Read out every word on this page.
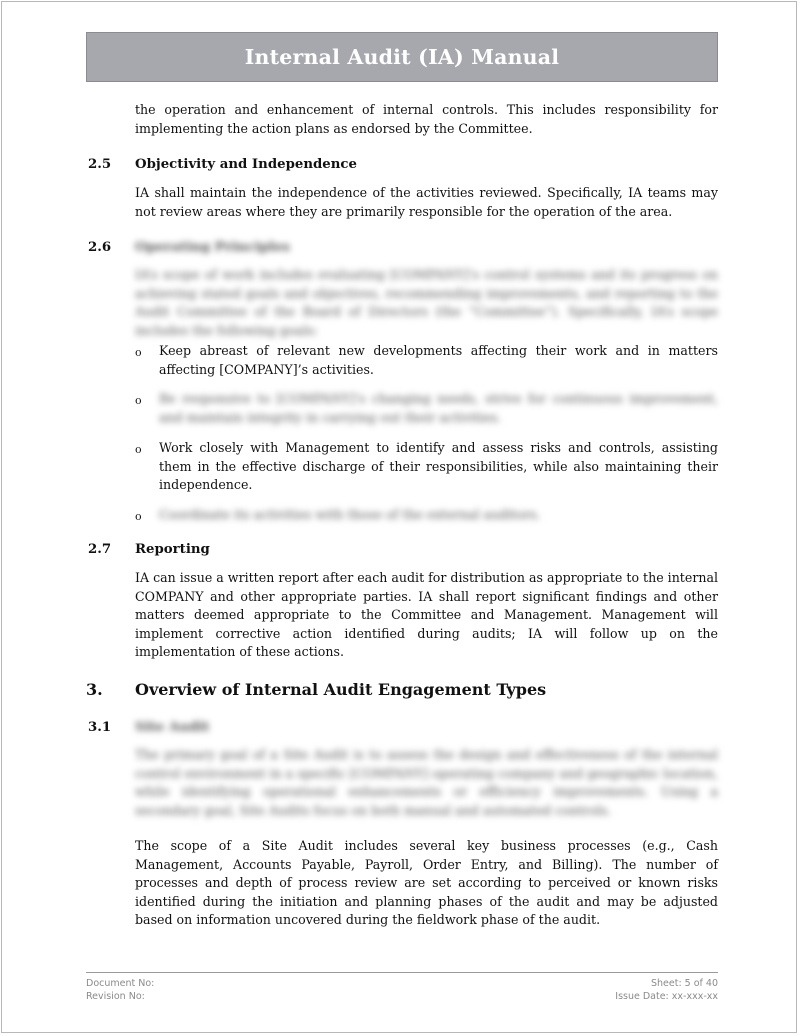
Internal Audit (IA) Manual

the operation and enhancement of internal controls. This includes responsibility for implementing the action plans as endorsed by the Committee.

2.5 Objectivity and Independence

IA shall maintain the independence of the activities reviewed. Specifically, IA teams may not review areas where they are primarily responsible for the operation of the area.

2.6 Operating Principles

IA’s scope of work includes evaluating [COMPANY]’s control systems and its progress on achieving stated goals and objectives, recommending improvements, and reporting to the Audit Committee of the Board of Directors (the “Committee”). Specifically, IA’s scope includes the following goals:

o Keep abreast of relevant new developments affecting their work and in matters affecting [COMPANY]’s activities.

o Be responsive to [COMPANY]’s changing needs, strive for continuous improvement, and maintain integrity in carrying out their activities.

o Work closely with Management to identify and assess risks and controls, assisting them in the effective discharge of their responsibilities, while also maintaining their independence.

o Coordinate its activities with those of the external auditors.

2.7 Reporting

IA can issue a written report after each audit for distribution as appropriate to the internal COMPANY and other appropriate parties. IA shall report significant findings and other matters deemed appropriate to the Committee and Management. Management will implement corrective action identified during audits; IA will follow up on the implementation of these actions.

3. Overview of Internal Audit Engagement Types
3.1 Site Audit

The primary goal of a Site Audit is to assess the design and effectiveness of the internal control environment in a specific [COMPANY] operating company and geographic location, while identifying operational enhancements or efficiency improvements. Using a secondary goal, Site Audits focus on both manual and automated controls.

The scope of a Site Audit includes several key business processes (e.g., Cash Management, Accounts Payable, Payroll, Order Entry, and Billing). The number of processes and depth of process review are set according to perceived or known risks identified during the initiation and planning phases of the audit and may be adjusted based on information uncovered during the fieldwork phase of the audit.

Document No:
Revision No:
Sheet: 5 of 40
Issue Date: xx-xxx-xx
